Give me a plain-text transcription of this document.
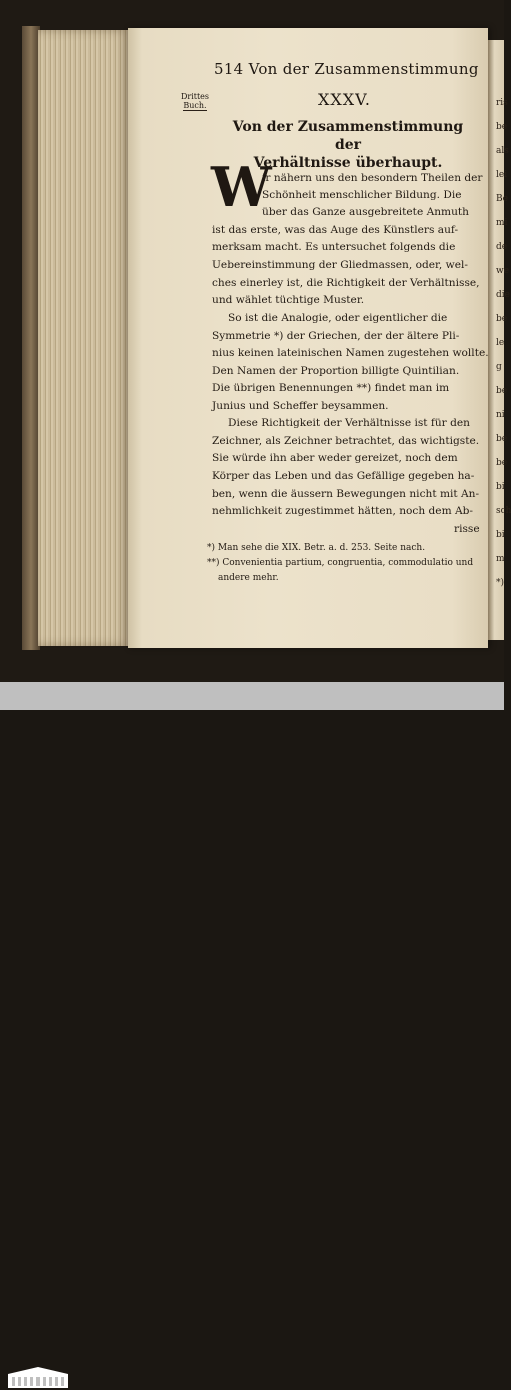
ris
be
als
lei
Be
mi
de
we
die
be
le
g
be
ni
be
be
bi
sch
bi
m
*)
514 Von der Zusammenstimmung
Drittes
Buch.	XXXV.
Von der Zusammenstimmung der
Verhältnisse überhaupt.
W
ir nähern uns den besondern Theilen der
Schönheit menschlicher Bildung. Die
über das Ganze ausgebreitete Anmuth
ist das erste, was das Auge des Künstlers auf-
merksam macht. Es untersuchet folgends die
Uebereinstimmung der Gliedmassen, oder, wel-
ches einerley ist, die Richtigkeit der Verhältnisse,
und wählet tüchtige Muster.
So ist die Analogie, oder eigentlicher die
Symmetrie *) der Griechen, der der ältere Pli-
nius keinen lateinischen Namen zugestehen wollte.
Den Namen der Proportion billigte Quintilian.
Die übrigen Benennungen **) findet man im
Junius und Scheffer beysammen.
Diese Richtigkeit der Verhältnisse ist für den
Zeichner, als Zeichner betrachtet, das wichtigste.
Sie würde ihn aber weder gereizet, noch dem
Körper das Leben und das Gefällige gegeben ha-
ben, wenn die äussern Bewegungen nicht mit An-
nehmlichkeit zugestimmet hätten, noch dem Ab-
risse
*) Man sehe die XIX. Betr. a. d. 253. Seite nach.
**) Convenientia partium, congruentia, commodulatio und
andere mehr.
